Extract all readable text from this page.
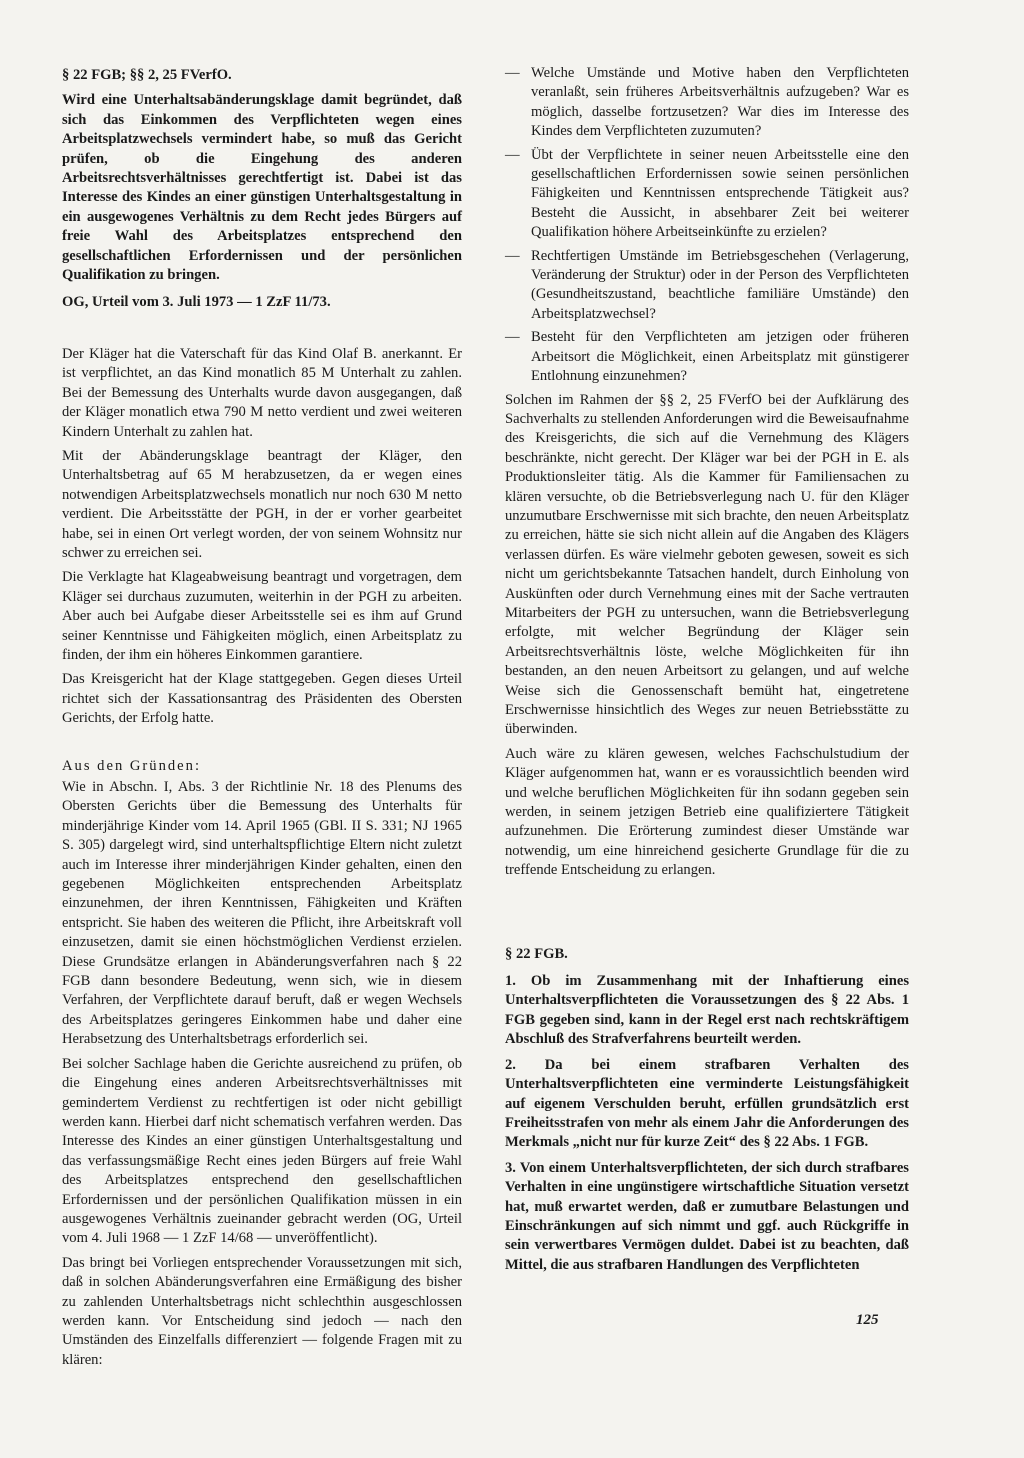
§ 22 FGB; §§ 2, 25 FVerfO.

Wird eine Unterhaltsabänderungsklage damit begründet, daß sich das Einkommen des Verpflichteten wegen eines Arbeitsplatzwechsels vermindert habe, so muß das Gericht prüfen, ob die Eingehung des anderen Arbeitsrechtsverhältnisses gerechtfertigt ist. Dabei ist das Interesse des Kindes an einer günstigen Unterhaltsgestaltung in ein ausgewogenes Verhältnis zu dem Recht jedes Bürgers auf freie Wahl des Arbeitsplatzes entsprechend den gesellschaftlichen Erfordernissen und der persönlichen Qualifikation zu bringen.

OG, Urteil vom 3. Juli 1973 — 1 ZzF 11/73.

Der Kläger hat die Vaterschaft für das Kind Olaf B. anerkannt. Er ist verpflichtet, an das Kind monatlich 85 M Unterhalt zu zahlen. Bei der Bemessung des Unterhalts wurde davon ausgegangen, daß der Kläger monatlich etwa 790 M netto verdient und zwei weiteren Kindern Unterhalt zu zahlen hat.

Mit der Abänderungsklage beantragt der Kläger, den Unterhaltsbetrag auf 65 M herabzusetzen, da er wegen eines notwendigen Arbeitsplatzwechsels monatlich nur noch 630 M netto verdient. Die Arbeitsstätte der PGH, in der er vorher gearbeitet habe, sei in einen Ort verlegt worden, der von seinem Wohnsitz nur schwer zu erreichen sei.

Die Verklagte hat Klageabweisung beantragt und vorgetragen, dem Kläger sei durchaus zuzumuten, weiterhin in der PGH zu arbeiten. Aber auch bei Aufgabe dieser Arbeitsstelle sei es ihm auf Grund seiner Kenntnisse und Fähigkeiten möglich, einen Arbeitsplatz zu finden, der ihm ein höheres Einkommen garantiere.

Das Kreisgericht hat der Klage stattgegeben. Gegen dieses Urteil richtet sich der Kassationsantrag des Präsidenten des Obersten Gerichts, der Erfolg hatte.

Aus den Gründen:

Wie in Abschn. I, Abs. 3 der Richtlinie Nr. 18 des Plenums des Obersten Gerichts über die Bemessung des Unterhalts für minderjährige Kinder vom 14. April 1965 (GBl. II S. 331; NJ 1965 S. 305) dargelegt wird, sind unterhaltspflichtige Eltern nicht zuletzt auch im Interesse ihrer minderjährigen Kinder gehalten, einen den gegebenen Möglichkeiten entsprechenden Arbeitsplatz einzunehmen, der ihren Kenntnissen, Fähigkeiten und Kräften entspricht. Sie haben des weiteren die Pflicht, ihre Arbeitskraft voll einzusetzen, damit sie einen höchstmöglichen Verdienst erzielen. Diese Grundsätze erlangen in Abänderungsverfahren nach § 22 FGB dann besondere Bedeutung, wenn sich, wie in diesem Verfahren, der Verpflichtete darauf beruft, daß er wegen Wechsels des Arbeitsplatzes geringeres Einkommen habe und daher eine Herabsetzung des Unterhaltsbetrags erforderlich sei.

Bei solcher Sachlage haben die Gerichte ausreichend zu prüfen, ob die Eingehung eines anderen Arbeitsrechtsverhältnisses mit gemindertem Verdienst zu rechtfertigen ist oder nicht gebilligt werden kann. Hierbei darf nicht schematisch verfahren werden. Das Interesse des Kindes an einer günstigen Unterhaltsgestaltung und das verfassungsmäßige Recht eines jeden Bürgers auf freie Wahl des Arbeitsplatzes entsprechend den gesellschaftlichen Erfordernissen und der persönlichen Qualifikation müssen in ein ausgewogenes Verhältnis zueinander gebracht werden (OG, Urteil vom 4. Juli 1968 — 1 ZzF 14/68 — unveröffentlicht).

Das bringt bei Vorliegen entsprechender Voraussetzungen mit sich, daß in solchen Abänderungsverfahren eine Ermäßigung des bisher zu zahlenden Unterhaltsbetrags nicht schlechthin ausgeschlossen werden kann. Vor Entscheidung sind jedoch — nach den Umständen des Einzelfalls differenziert — folgende Fragen mit zu klären:

— Welche Umstände und Motive haben den Verpflichteten veranlaßt, sein früheres Arbeitsverhältnis aufzugeben? War es möglich, dasselbe fortzusetzen? War dies im Interesse des Kindes dem Verpflichteten zuzumuten?
— Übt der Verpflichtete in seiner neuen Arbeitsstelle eine den gesellschaftlichen Erfordernissen sowie seinen persönlichen Fähigkeiten und Kenntnissen entsprechende Tätigkeit aus? Besteht die Aussicht, in absehbarer Zeit bei weiterer Qualifikation höhere Arbeitseinkünfte zu erzielen?
— Rechtfertigen Umstände im Betriebsgeschehen (Verlagerung, Veränderung der Struktur) oder in der Person des Verpflichteten (Gesundheitszustand, beachtliche familiäre Umstände) den Arbeitsplatzwechsel?
— Besteht für den Verpflichteten am jetzigen oder früheren Arbeitsort die Möglichkeit, einen Arbeitsplatz mit günstigerer Entlohnung einzunehmen?

Solchen im Rahmen der §§ 2, 25 FVerfO bei der Aufklärung des Sachverhalts zu stellenden Anforderungen wird die Beweisaufnahme des Kreisgerichts, die sich auf die Vernehmung des Klägers beschränkte, nicht gerecht. Der Kläger war bei der PGH in E. als Produktionsleiter tätig. Als die Kammer für Familiensachen zu klären versuchte, ob die Betriebsverlegung nach U. für den Kläger unzumutbare Erschwernisse mit sich brachte, den neuen Arbeitsplatz zu erreichen, hätte sie sich nicht allein auf die Angaben des Klägers verlassen dürfen. Es wäre vielmehr geboten gewesen, soweit es sich nicht um gerichtsbekannte Tatsachen handelt, durch Einholung von Auskünften oder durch Vernehmung eines mit der Sache vertrauten Mitarbeiters der PGH zu untersuchen, wann die Betriebsverlegung erfolgte, mit welcher Begründung der Kläger sein Arbeitsrechtsverhältnis löste, welche Möglichkeiten für ihn bestanden, an den neuen Arbeitsort zu gelangen, und auf welche Weise sich die Genossenschaft bemüht hat, eingetretene Erschwernisse hinsichtlich des Weges zur neuen Betriebsstätte zu überwinden.

Auch wäre zu klären gewesen, welches Fachschulstudium der Kläger aufgenommen hat, wann er es voraussichtlich beenden wird und welche beruflichen Möglichkeiten für ihn sodann gegeben sein werden, in seinem jetzigen Betrieb eine qualifiziertere Tätigkeit aufzunehmen. Die Erörterung zumindest dieser Umstände war notwendig, um eine hinreichend gesicherte Grundlage für die zu treffende Entscheidung zu erlangen.

§ 22 FGB.

1. Ob im Zusammenhang mit der Inhaftierung eines Unterhaltsverpflichteten die Voraussetzungen des § 22 Abs. 1 FGB gegeben sind, kann in der Regel erst nach rechtskräftigem Abschluß des Strafverfahrens beurteilt werden.

2. Da bei einem strafbaren Verhalten des Unterhaltsverpflichteten eine verminderte Leistungsfähigkeit auf eigenem Verschulden beruht, erfüllen grundsätzlich erst Freiheitsstrafen von mehr als einem Jahr die Anforderungen des Merkmals „nicht nur für kurze Zeit“ des § 22 Abs. 1 FGB.

3. Von einem Unterhaltsverpflichteten, der sich durch strafbares Verhalten in eine ungünstigere wirtschaftliche Situation versetzt hat, muß erwartet werden, daß er zumutbare Belastungen und Einschränkungen auf sich nimmt und ggf. auch Rückgriffe in sein verwertbares Vermögen duldet. Dabei ist zu beachten, daß Mittel, die aus strafbaren Handlungen des Verpflichteten

125
